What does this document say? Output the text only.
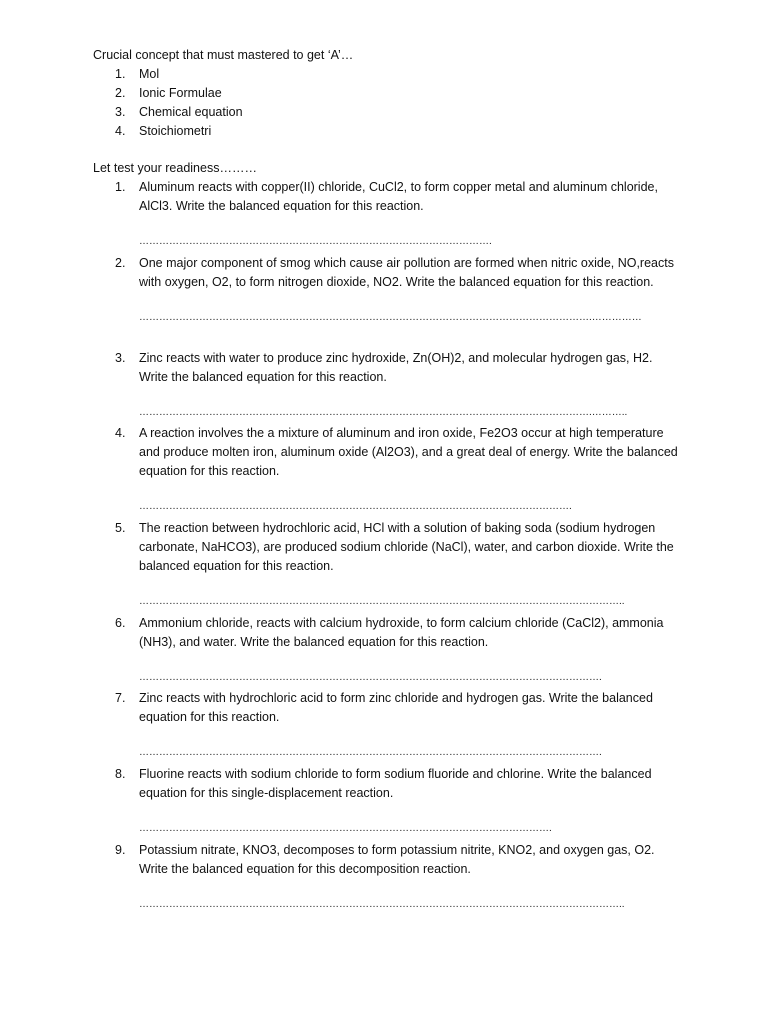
Crucial concept that must mastered to get ‘A’…
1.	Mol
2.	Ionic Formulae
3.	Chemical equation
4.	Stoichiometri
Let test your readiness………
1. Aluminum reacts with copper(II) chloride, CuCl2, to form copper metal and aluminum chloride, AlCl3. Write the balanced equation for this reaction.
…………………………………………………………………………………………….
2. One major component of smog which cause air pollution are formed when nitric oxide, NO,reacts with oxygen, O2, to form nitrogen dioxide, NO2. Write the balanced equation for this reaction.
……………………………………………………………………………………………………………………….……………
3. Zinc reacts with water to produce zinc hydroxide, Zn(OH)2, and molecular hydrogen gas, H2. Write the balanced equation for this reaction.
……………………………………………………………………………………………………………………….………..
4. A reaction involves the a mixture of aluminum and iron oxide, Fe2O3 occur at high temperature and produce molten iron, aluminum oxide (Al2O3), and a great deal of energy. Write the balanced equation for this reaction.
………………………………………………………………………………………………………………….
5. The reaction between hydrochloric acid, HCl with a solution of baking soda (sodium hydrogen carbonate, NaHCO3), are produced sodium chloride (NaCl), water, and carbon dioxide. Write the balanced equation for this reaction.
………………………………………………………………………………………………………………………………..
6. Ammonium chloride, reacts with calcium hydroxide, to form calcium chloride (CaCl2), ammonia (NH3), and water. Write the balanced equation for this reaction.
………………………………………………………………………………………………………………………….
7. Zinc reacts with hydrochloric acid to form zinc chloride and hydrogen gas. Write the balanced equation for this reaction.
………………………………………………………………………………………………………………………….
8. Fluorine reacts with sodium chloride to form sodium fluoride and chlorine. Write the balanced equation for this single-displacement reaction.
…………………………………………………………………………………………………………….
9. Potassium nitrate, KNO3, decomposes to form potassium nitrite, KNO2, and oxygen gas, O2. Write the balanced equation for this decomposition reaction.
………………………………………………………………………………………………………………………………..
